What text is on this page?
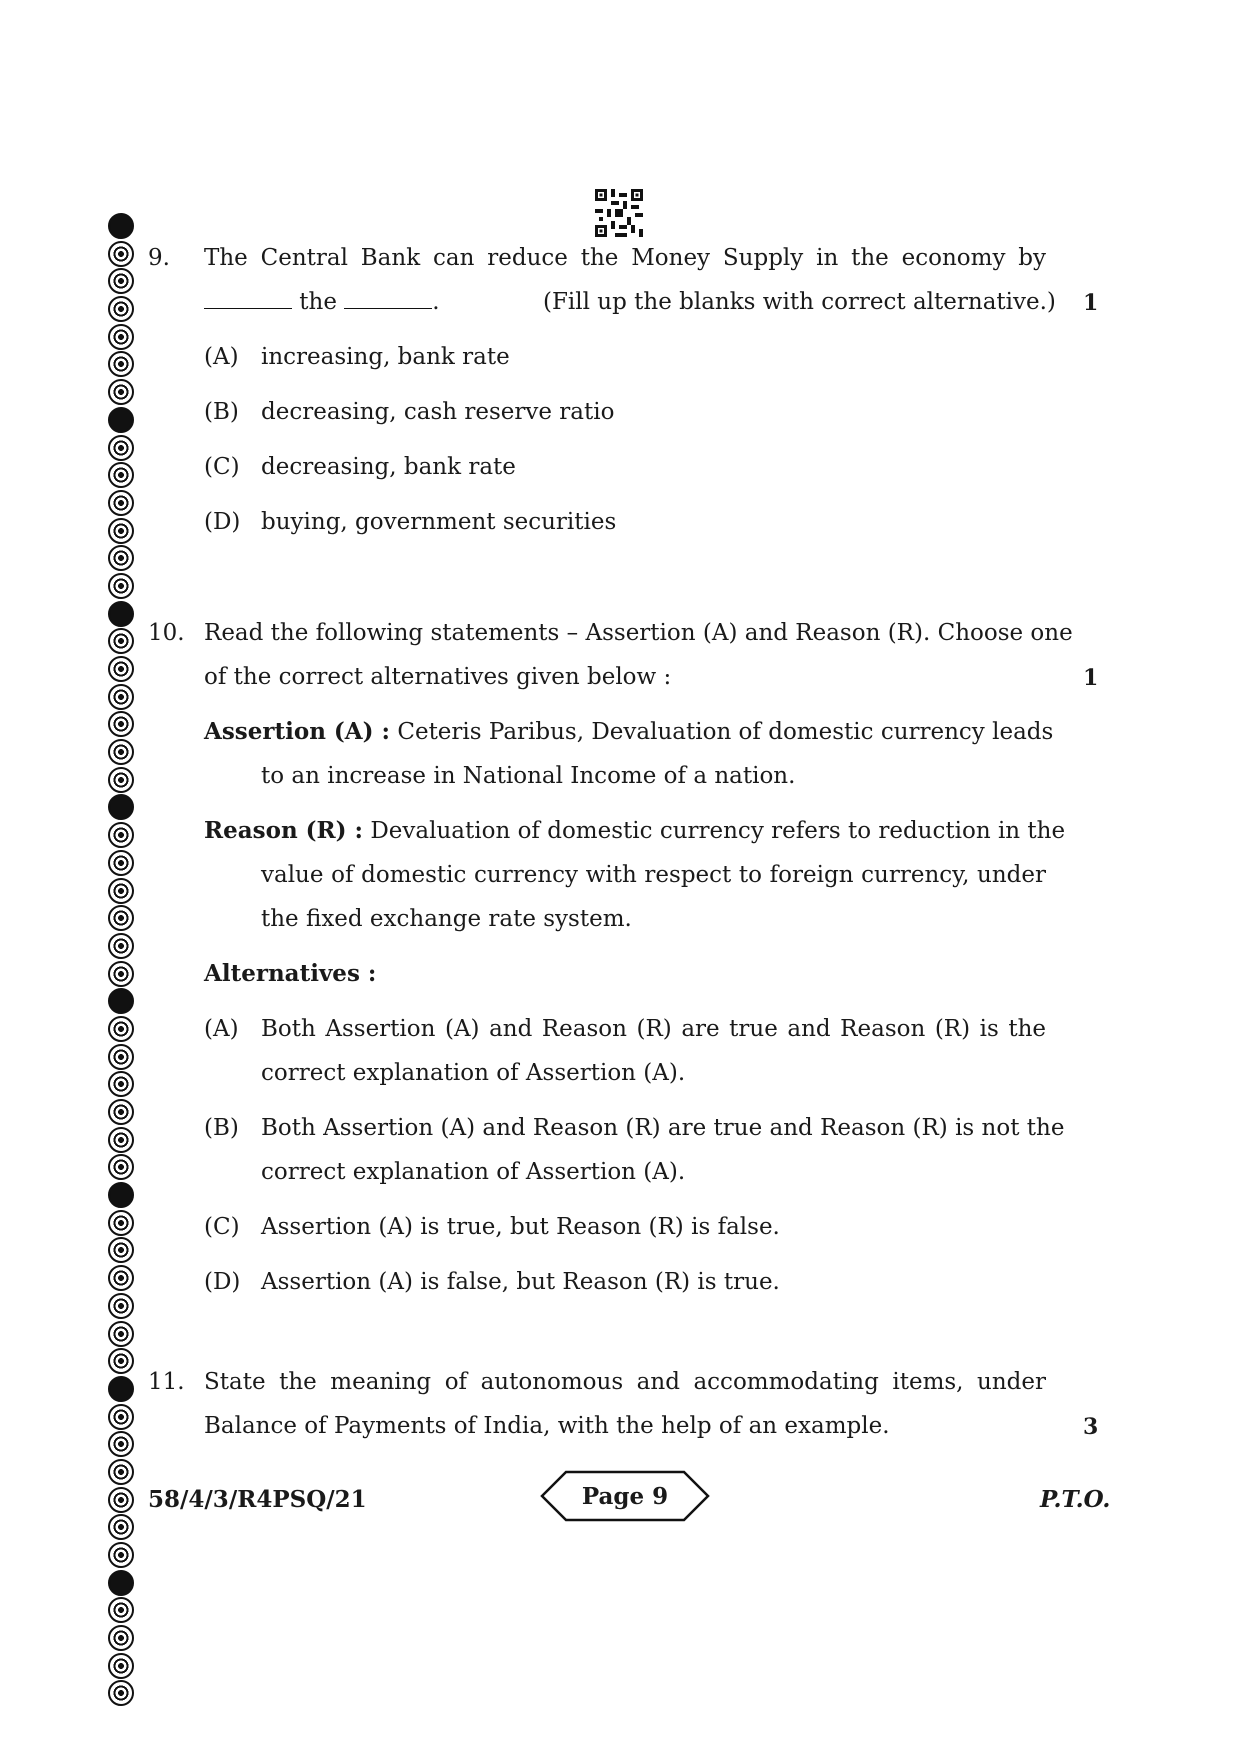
9. The Central Bank can reduce the Money Supply in the economy by
the	.	(Fill up the blanks with correct alternative.) 1
(A) increasing, bank rate
(B) decreasing, cash reserve ratio
(C) decreasing, bank rate
(D) buying, government securities
10. Read the following statements – Assertion (A) and Reason (R). Choose one
of the correct alternatives given below :	1
Assertion (A) : Ceteris Paribus, Devaluation of domestic currency leads
to an increase in National Income of a nation.
Reason (R) : Devaluation of domestic currency refers to reduction in the
value of domestic currency with respect to foreign currency, under
the fixed exchange rate system.
Alternatives :
(A) Both Assertion (A) and Reason (R) are true and Reason (R) is the
correct explanation of Assertion (A).
(B) Both Assertion (A) and Reason (R) are true and Reason (R) is not the
correct explanation of Assertion (A).
(C) Assertion (A) is true, but Reason (R) is false.
(D) Assertion (A) is false, but Reason (R) is true.
11. State the meaning of autonomous and accommodating items, under
Balance of Payments of India, with the help of an example.	3
58/4/3/R4PSQ/21	Page 9	P.T.O.
